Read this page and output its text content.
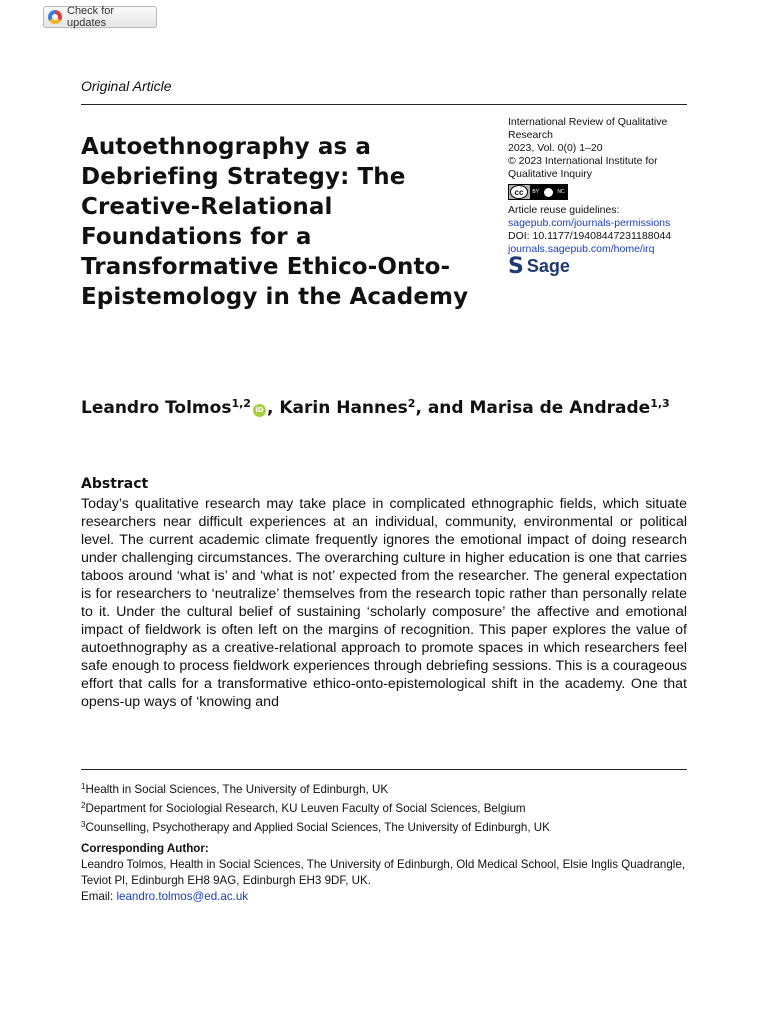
Check for updates
Original Article
Autoethnography as a Debriefing Strategy: The Creative-Relational Foundations for a Transformative Ethico-Onto-Epistemology in the Academy
International Review of Qualitative Research
2023, Vol. 0(0) 1–20
© 2023 International Institute for Qualitative Inquiry
cc	BY	NC
Article reuse guidelines:
sagepub.com/journals-permissions
DOI: 10.1177/19408447231188044
journals.sagepub.com/home/irq
S Sage
Leandro Tolmos$^{1,2}$ iD , Karin Hannes$^2$, and Marisa de Andrade$^{1,3}$
Abstract

Today’s qualitative research may take place in complicated ethnographic fields, which situate researchers near difficult experiences at an individual, community, environmental or political level. The current academic climate frequently ignores the emotional impact of doing research under challenging circumstances. The overarching culture in higher education is one that carries taboos around ‘what is’ and ‘what is not’ expected from the researcher. The general expectation is for researchers to ‘neutralize’ themselves from the research topic rather than personally relate to it. Under the cultural belief of sustaining ‘scholarly composure’ the affective and emotional impact of fieldwork is often left on the margins of recognition. This paper explores the value of autoethnography as a creative-relational approach to promote spaces in which researchers feel safe enough to process fieldwork experiences through debriefing sessions. This is a courageous effort that calls for a transformative ethico-onto-epistemological shift in the academy. One that opens-up ways of ‘knowing and

$^1$Health in Social Sciences, The University of Edinburgh, UK
$^2$Department for Sociologial Research, KU Leuven Faculty of Social Sciences, Belgium
$^3$Counselling, Psychotherapy and Applied Social Sciences, The University of Edinburgh, UK
Corresponding Author:
Leandro Tolmos, Health in Social Sciences, The University of Edinburgh, Old Medical School, Elsie Inglis Quadrangle, Teviot Pl, Edinburgh EH8 9AG, Edinburgh EH3 9DF, UK.
Email: leandro.tolmos@ed.ac.uk
